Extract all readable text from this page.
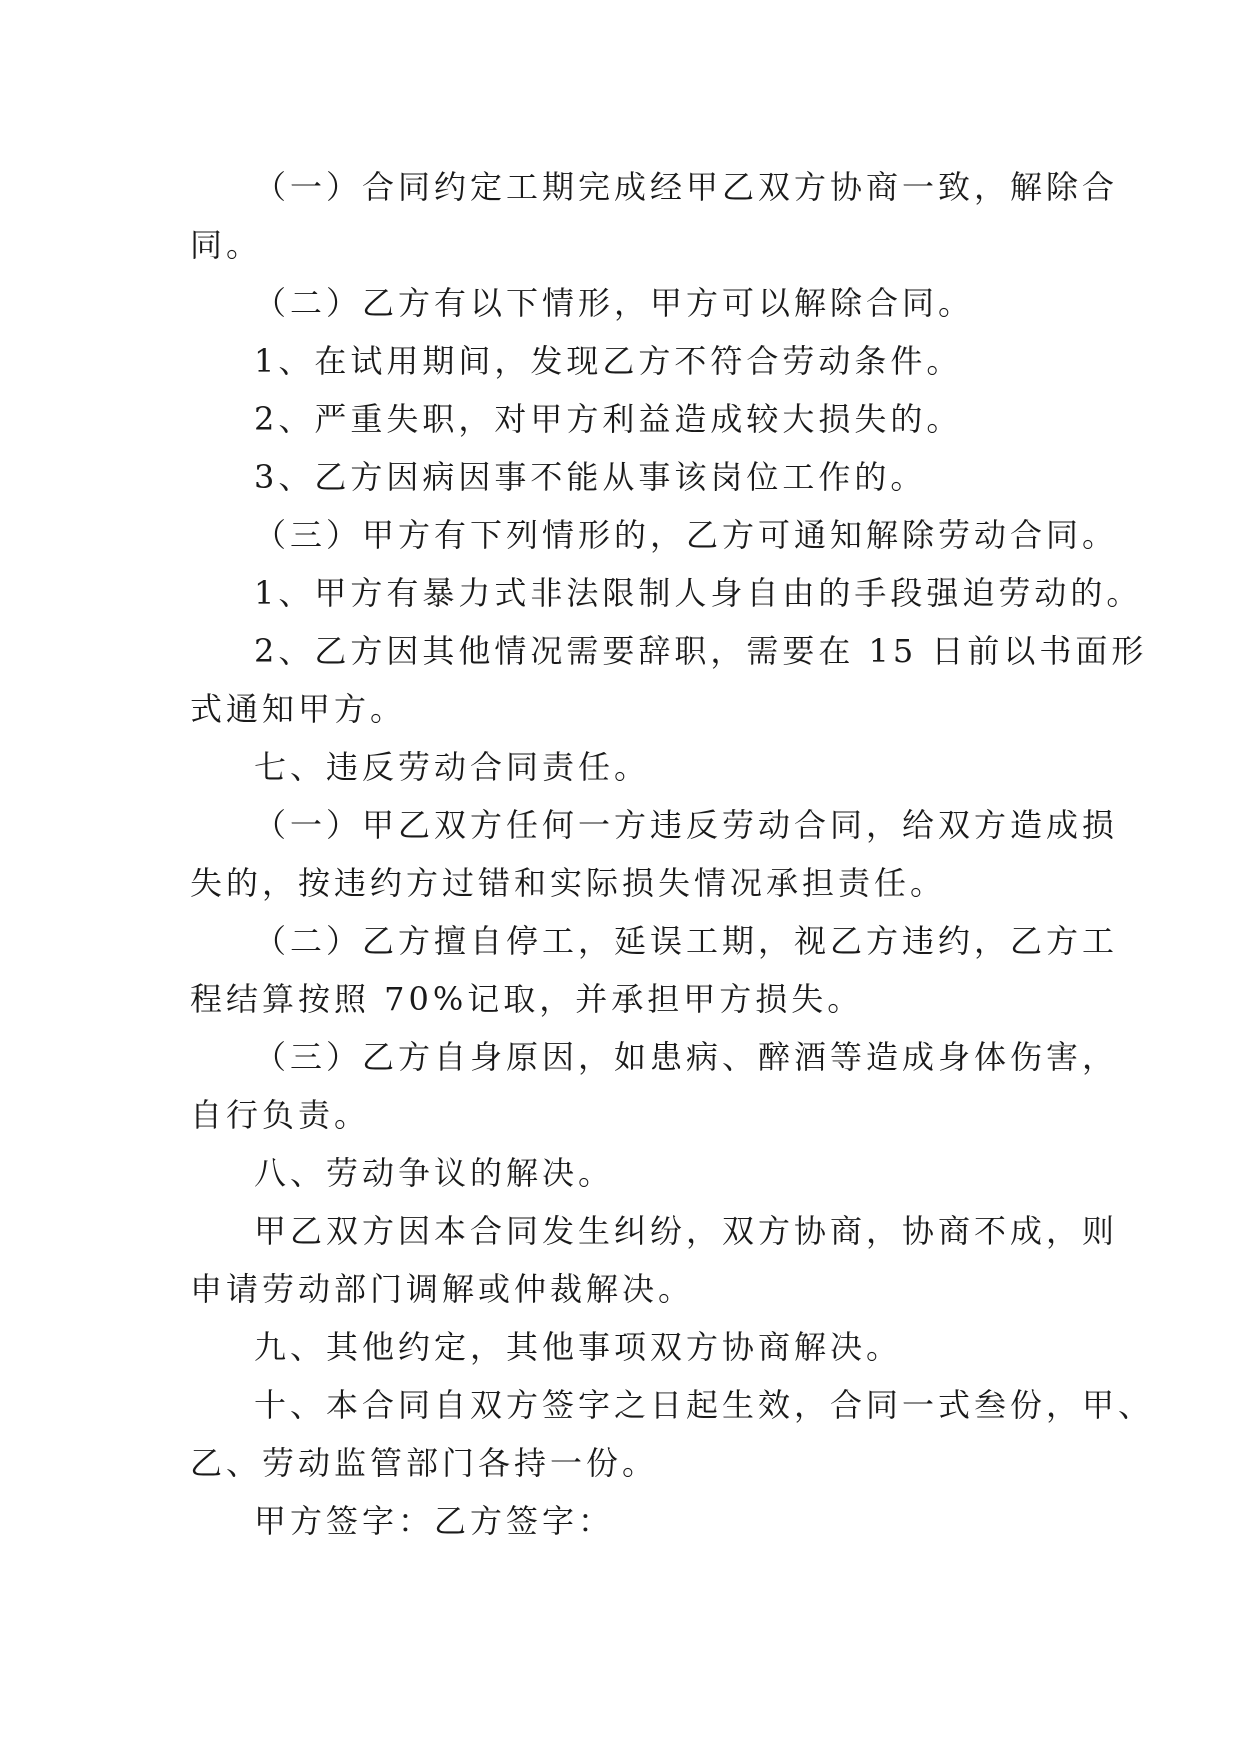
（一）合同约定工期完成经甲乙双方协商一致，解除合
同。
（二）乙方有以下情形，甲方可以解除合同。
1、在试用期间，发现乙方不符合劳动条件。
2、严重失职，对甲方利益造成较大损失的。
3、乙方因病因事不能从事该岗位工作的。
（三）甲方有下列情形的，乙方可通知解除劳动合同。
1、甲方有暴力式非法限制人身自由的手段强迫劳动的。
2、乙方因其他情况需要辞职，需要在 15 日前以书面形
式通知甲方。
七、违反劳动合同责任。
（一）甲乙双方任何一方违反劳动合同，给双方造成损
失的，按违约方过错和实际损失情况承担责任。
（二）乙方擅自停工，延误工期，视乙方违约，乙方工
程结算按照 70%记取，并承担甲方损失。
（三）乙方自身原因，如患病、醉酒等造成身体伤害，
自行负责。
八、劳动争议的解决。
甲乙双方因本合同发生纠纷，双方协商，协商不成，则
申请劳动部门调解或仲裁解决。
九、其他约定，其他事项双方协商解决。
十、本合同自双方签字之日起生效，合同一式叁份，甲、
乙、劳动监管部门各持一份。
甲方签字：乙方签字：
